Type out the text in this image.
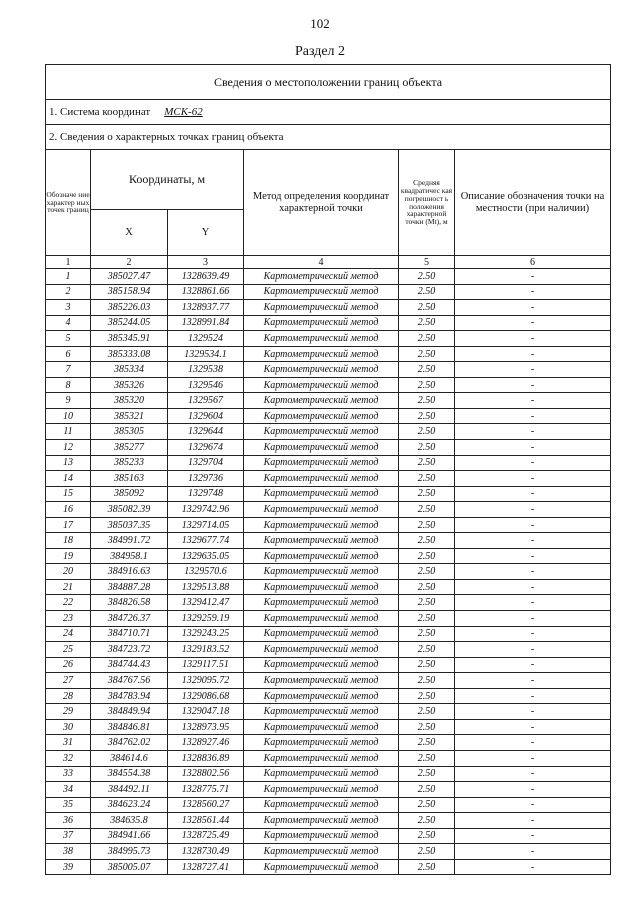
102
Раздел 2
Сведения о местоположении границ объекта					
1. Система координат МСК-62					
2. Сведения о характерных точках границ объекта					
Обозначе ние характер ных точек границ	Координаты, м		Метод определения координат характерной точки	Средняя квадратичес кая погрешност ь положения характерной точки (Мt), м	Описание обозначения точки на местности (при наличии)
	X	Y			
1	2	3	4	5	6
1	385027.47	1328639.49	Картометрический метод	2.50	-
2	385158.94	1328861.66	Картометрический метод	2.50	-
3	385226.03	1328937.77	Картометрический метод	2.50	-
4	385244.05	1328991.84	Картометрический метод	2.50	-
5	385345.91	1329524	Картометрический метод	2.50	-
6	385333.08	1329534.1	Картометрический метод	2.50	-
7	385334	1329538	Картометрический метод	2.50	-
8	385326	1329546	Картометрический метод	2.50	-
9	385320	1329567	Картометрический метод	2.50	-
10	385321	1329604	Картометрический метод	2.50	-
11	385305	1329644	Картометрический метод	2.50	-
12	385277	1329674	Картометрический метод	2.50	-
13	385233	1329704	Картометрический метод	2.50	-
14	385163	1329736	Картометрический метод	2.50	-
15	385092	1329748	Картометрический метод	2.50	-
16	385082.39	1329742.96	Картометрический метод	2.50	-
17	385037.35	1329714.05	Картометрический метод	2.50	-
18	384991.72	1329677.74	Картометрический метод	2.50	-
19	384958.1	1329635.05	Картометрический метод	2.50	-
20	384916.63	1329570.6	Картометрический метод	2.50	-
21	384887.28	1329513.88	Картометрический метод	2.50	-
22	384826.58	1329412.47	Картометрический метод	2.50	-
23	384726.37	1329259.19	Картометрический метод	2.50	-
24	384710.71	1329243.25	Картометрический метод	2.50	-
25	384723.72	1329183.52	Картометрический метод	2.50	-
26	384744.43	1329117.51	Картометрический метод	2.50	-
27	384767.56	1329095.72	Картометрический метод	2.50	-
28	384783.94	1329086.68	Картометрический метод	2.50	-
29	384849.94	1329047.18	Картометрический метод	2.50	-
30	384846.81	1328973.95	Картометрический метод	2.50	-
31	384762.02	1328927.46	Картометрический метод	2.50	-
32	384614.6	1328836.89	Картометрический метод	2.50	-
33	384554.38	1328802.56	Картометрический метод	2.50	-
34	384492.11	1328775.71	Картометрический метод	2.50	-
35	384623.24	1328560.27	Картометрический метод	2.50	-
36	384635.8	1328561.44	Картометрический метод	2.50	-
37	384941.66	1328725.49	Картометрический метод	2.50	-
38	384995.73	1328730.49	Картометрический метод	2.50	-
39	385005.07	1328727.41	Картометрический метод	2.50	-
